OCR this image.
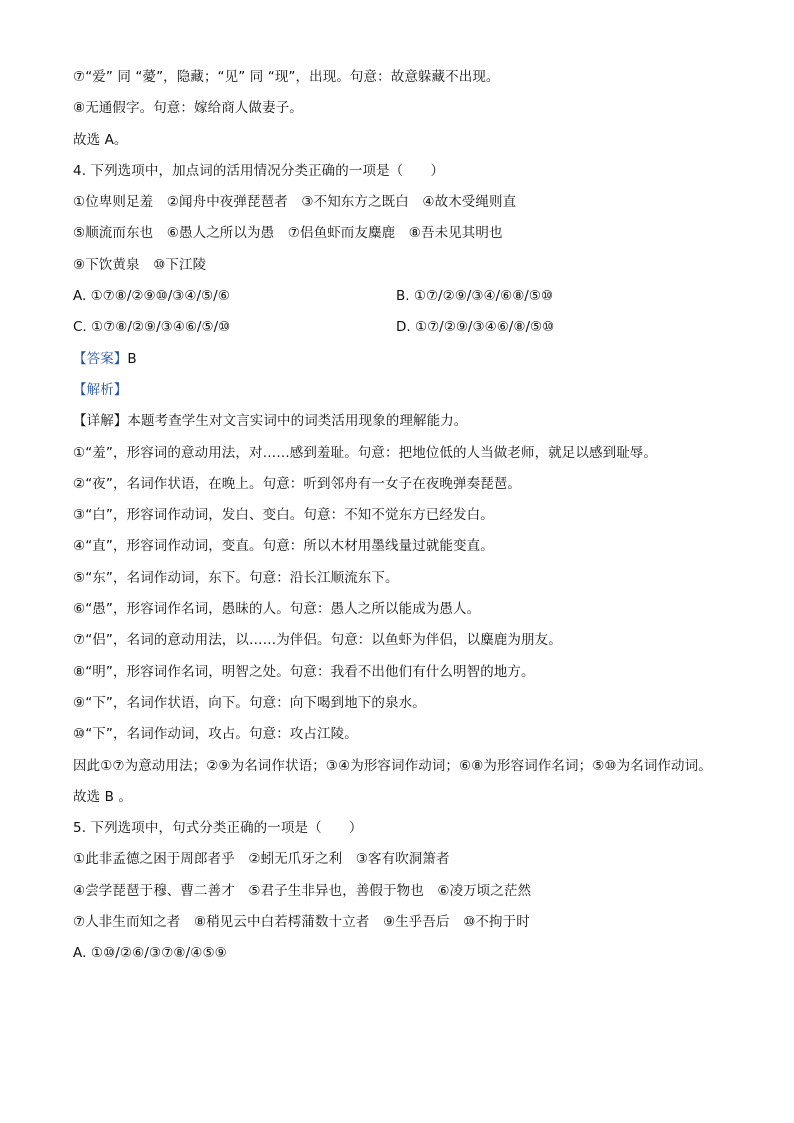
⑦“爱” 同 “薆”，隐藏；“见” 同 “现”，出现。句意：故意躲藏不出现。
⑧无通假字。句意：嫁给商人做妻子。
故选 A。
4. 下列选项中，加点词的活用情况分类正确的一项是（　　）
①位卑则足羞　②闻舟中夜弹琵琶者　③不知东方之既白　④故木受绳则直
⑤顺流而东也　⑥愚人之所以为愚　⑦侣鱼虾而友麋鹿　⑧吾未见其明也
⑨下饮黄泉　⑩下江陵
A. ①⑦⑧/②⑨⑩/③④/⑤/⑥	B. ①⑦/②⑨/③④/⑥⑧/⑤⑩
C. ①⑦⑧/②⑨/③④⑥/⑤/⑩	D. ①⑦/②⑨/③④⑥/⑧/⑤⑩
【答案】B
【解析】
【详解】本题考查学生对文言实词中的词类活用现象的理解能力。
①“羞”，形容词的意动用法，对……感到羞耻。句意：把地位低的人当做老师，就足以感到耻辱。
②“夜”，名词作状语，在晚上。句意：听到邻舟有一女子在夜晚弹奏琵琶。
③“白”，形容词作动词，发白、变白。句意：不知不觉东方已经发白。
④“直”，形容词作动词，变直。句意：所以木材用墨线量过就能变直。
⑤“东”，名词作动词，东下。句意：沿长江顺流东下。
⑥“愚”，形容词作名词，愚昧的人。句意：愚人之所以能成为愚人。
⑦“侣”，名词的意动用法，以……为伴侣。句意：以鱼虾为伴侣，以麋鹿为朋友。
⑧“明”，形容词作名词，明智之处。句意：我看不出他们有什么明智的地方。
⑨“下”，名词作状语，向下。句意：向下喝到地下的泉水。
⑩“下”，名词作动词，攻占。句意：攻占江陵。
因此①⑦为意动用法；②⑨为名词作状语；③④为形容词作动词；⑥⑧为形容词作名词；⑤⑩为名词作动词。
故选 B 。
5. 下列选项中，句式分类正确的一项是（　　）
①此非孟德之困于周郎者乎　②蚓无爪牙之利　③客有吹洞箫者
④尝学琵琶于穆、曹二善才　⑤君子生非异也，善假于物也　⑥凌万顷之茫然
⑦人非生而知之者　⑧稍见云中白若樗蒲数十立者　⑨生乎吾后　⑩不拘于时
A. ①⑩/②⑥/③⑦⑧/④⑤⑨
